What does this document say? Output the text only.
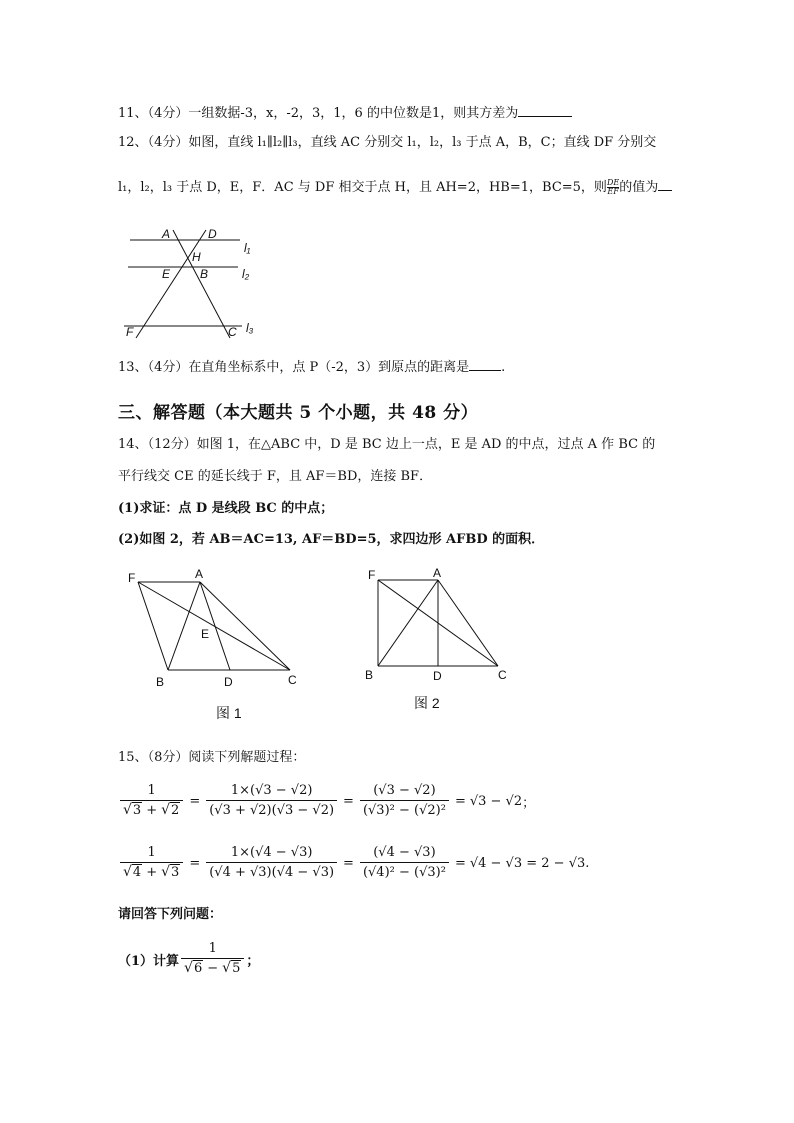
11、（4分）一组数据-3，x，-2，3，1，6 的中位数是1，则其方差为
12、（4分）如图，直线 l₁∥l₂∥l₃，直线 AC 分别交 l₁，l₂，l₃ 于点 A，B，C；直线 DF 分别交
l₁，l₂，l₃ 于点 D，E，F．AC 与 DF 相交于点 H，且 AH=2，HB=1，BC=5，则 $\frac{DE}{EF}$ 的值为
A	D
H
E B
F	C
l₁
l₂
l₃
13、（4分）在直角坐标系中，点 P（-2，3）到原点的距离是 .
三、解答题（本大题共 5 个小题，共 48 分）
14、（12分）如图 1，在△ABC 中，D 是 BC 边上一点，E 是 AD 的中点，过点 A 作 BC 的
平行线交 CE 的延长线于 F，且 AF＝BD，连接 BF．
(1)求证：点 D 是线段 BC 的中点；
(2)如图 2，若 AB＝AC=13, AF＝BD=5，求四边形 AFBD 的面积．
F	A
E
B	D	C
图 1
F	A
B	D	C
图 2
15、（8分）阅读下列解题过程：
$\frac{1}{√ 3 + √ 2} = \frac{1\times(√3 - √2)}{(√3 + √2)(√3 - √2)} = \frac{(√3 - √2)}{\text{(√3)² − (√2)²}} = √3 - √2$ ；
$\frac{1}{√ 4 + √ 3} = \frac{1\times(√4 - √3)}{(√4 + √3)(√4 - √3)} = \frac{(√4 - √3)}{\text{(√4)² − (√3)²}} = √4 - √3 = 2 - √3$ .
请回答下列问题：
（1）计算 $\frac{1}{√ 6 - √ 5}$ ；
